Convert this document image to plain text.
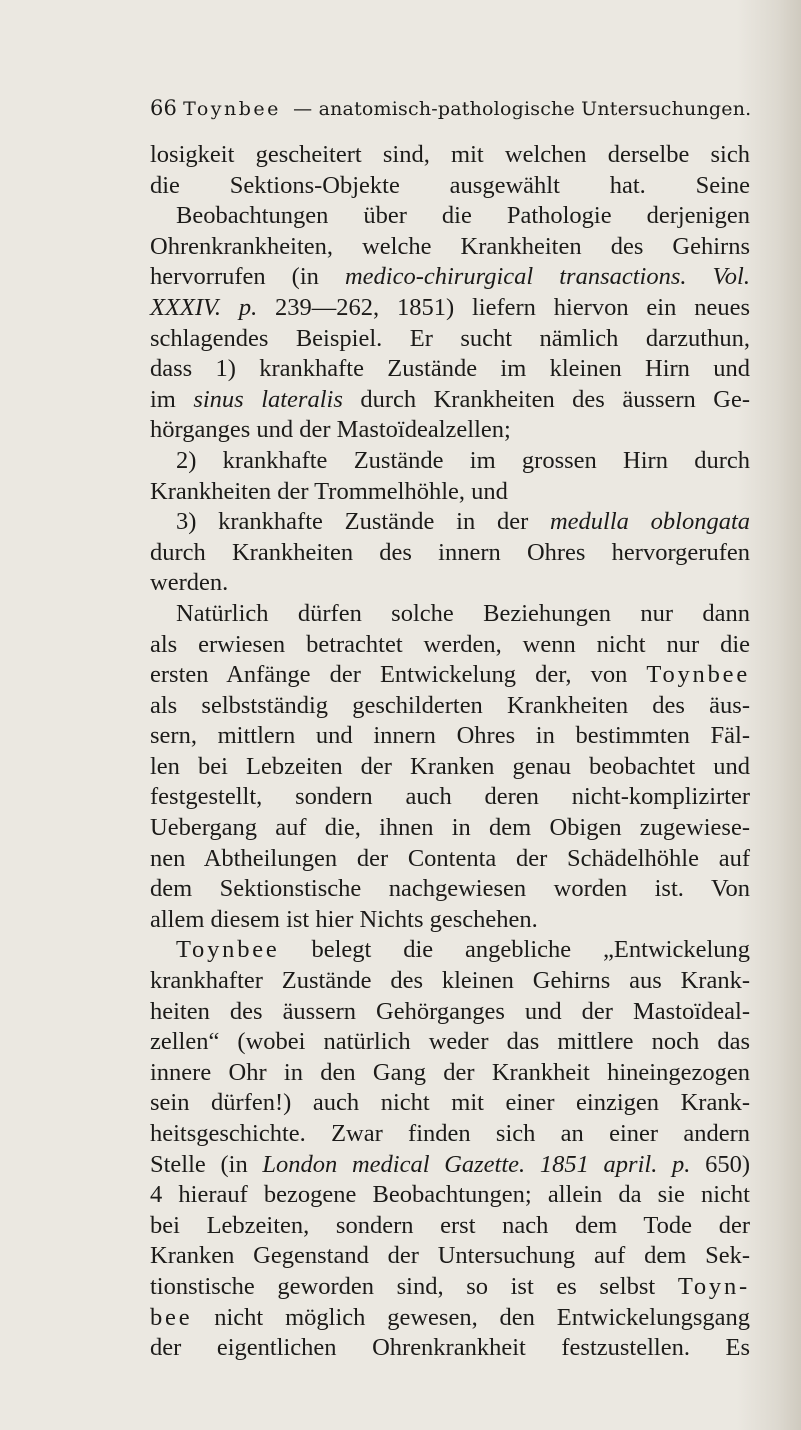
66 Toynbee — anatomisch-pathologische Untersuchungen.
losigkeit gescheitert sind, mit welchen derselbe sich
die Sektions-Objekte ausgewählt hat. Seine
Beobachtungen über die Pathologie derjenigen
Ohrenkrankheiten, welche Krankheiten des Gehirns
hervorrufen (in medico-chirurgical transactions. Vol.
XXXIV. p. 239—262, 1851) liefern hiervon ein neues
schlagendes Beispiel. Er sucht nämlich darzuthun,
dass 1) krankhafte Zustände im kleinen Hirn und
im sinus lateralis durch Krankheiten des äussern Ge-
hörganges und der Mastoïdealzellen;
2) krankhafte Zustände im grossen Hirn durch
Krankheiten der Trommelhöhle, und
3) krankhafte Zustände in der medulla oblongata
durch Krankheiten des innern Ohres hervorgerufen
werden.
Natürlich dürfen solche Beziehungen nur dann
als erwiesen betrachtet werden, wenn nicht nur die
ersten Anfänge der Entwickelung der, von Toynbee
als selbstständig geschilderten Krankheiten des äus-
sern, mittlern und innern Ohres in bestimmten Fäl-
len bei Lebzeiten der Kranken genau beobachtet und
festgestellt, sondern auch deren nicht-komplizirter
Uebergang auf die, ihnen in dem Obigen zugewiese-
nen Abtheilungen der Contenta der Schädelhöhle auf
dem Sektionstische nachgewiesen worden ist. Von
allem diesem ist hier Nichts geschehen.
Toynbee belegt die angebliche „Entwickelung
krankhafter Zustände des kleinen Gehirns aus Krank-
heiten des äussern Gehörganges und der Mastoïdeal-
zellen“ (wobei natürlich weder das mittlere noch das
innere Ohr in den Gang der Krankheit hineingezogen
sein dürfen!) auch nicht mit einer einzigen Krank-
heitsgeschichte. Zwar finden sich an einer andern
Stelle (in London medical Gazette. 1851 april. p. 650)
4 hierauf bezogene Beobachtungen; allein da sie nicht
bei Lebzeiten, sondern erst nach dem Tode der
Kranken Gegenstand der Untersuchung auf dem Sek-
tionstische geworden sind, so ist es selbst Toyn-
bee nicht möglich gewesen, den Entwickelungsgang
der eigentlichen Ohrenkrankheit festzustellen. Es
